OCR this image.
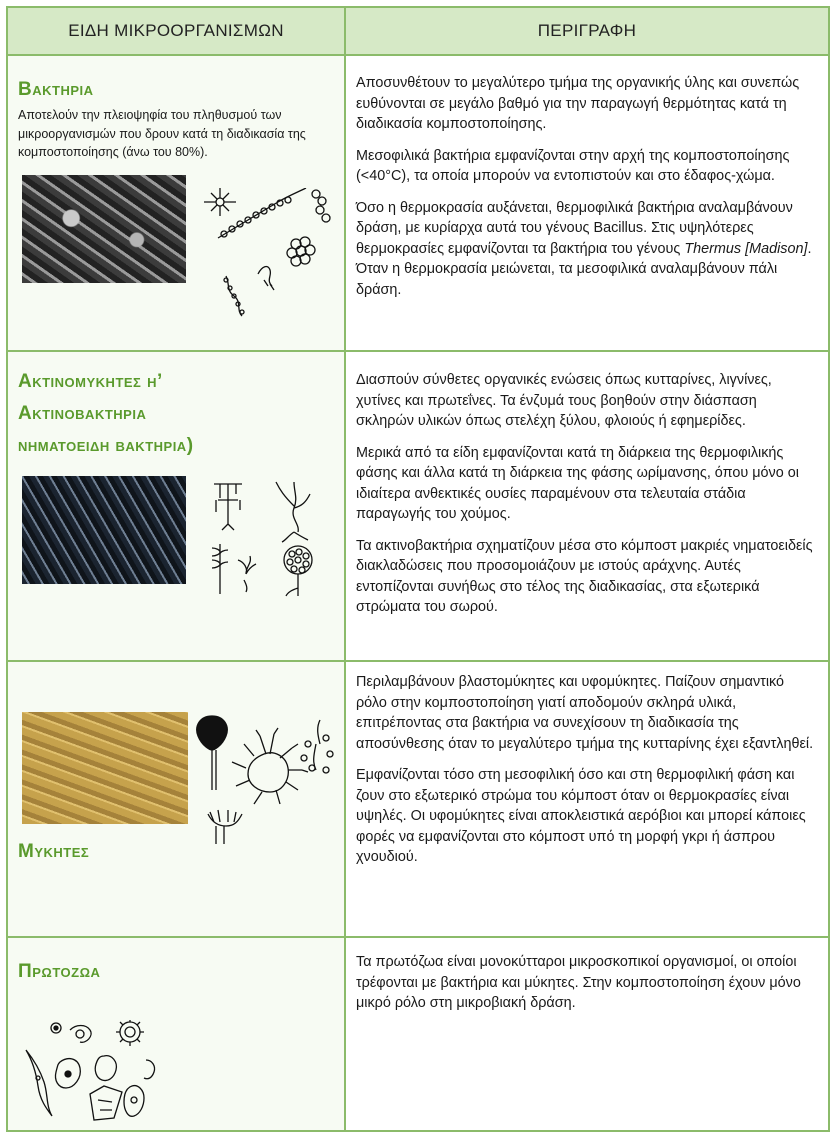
ΕΙΔΗ ΜΙΚΡΟΟΡΓΑΝΙΣΜΩΝ	ΠΕΡΙΓΡΑΦΗ
Βακτηρια
Αποτελούν την πλειοψηφία του πληθυσμού των μικροοργανισμών που δρουν κατά τη διαδικασία της κομποστοποίησης (άνω του 80%).

Αποσυνθέτουν το μεγαλύτερο τμήμα της οργανικής ύλης και συνεπώς ευθύνονται σε μεγάλο βαθμό για την παραγωγή θερμότητας κατά τη διαδικασία κομποστοποίησης.

Μεσοφιλικά βακτήρια εμφανίζονται στην αρχή της κομποστοποίησης (<40°C), τα οποία μπορούν να εντοπιστούν και στο έδαφος-χώμα.

Όσο η θερμοκρασία αυξάνεται, θερμοφιλικά βακτήρια αναλαμβάνουν δράση, με κυρίαρχα αυτά του γένους Bacillus. Στις υψηλότερες θερμοκρασίες εμφανίζονται τα βακτήρια του γένους Thermus [Madison]. Όταν η θερμοκρασία μειώνεται, τα μεσοφιλικά αναλαμβάνουν πάλι δράση.

Ακτινομυκητες η’
Ακτινοβακτηρια
νηματοειδη βακτηρια)

Διασπούν σύνθετες οργανικές ενώσεις όπως κυτταρίνες, λιγνίνες, χυτίνες και πρωτεΐνες. Τα ένζυμά τους βοηθούν στην διάσπαση σκληρών υλικών όπως στελέχη ξύλου, φλοιούς ή εφημερίδες.

Μερικά από τα είδη εμφανίζονται κατά τη διάρκεια της θερμοφιλικής φάσης και άλλα κατά τη διάρκεια της φάσης ωρίμανσης, όπου μόνο οι ιδιαίτερα ανθεκτικές ουσίες παραμένουν στα τελευταία στάδια παραγωγής του χούμος.

Τα ακτινοβακτήρια σχηματίζουν μέσα στο κόμποστ μακριές νηματοειδείς διακλαδώσεις που προσομοιάζουν με ιστούς αράχνης. Αυτές εντοπίζονται συνήθως στο τέλος της διαδικασίας, στα εξωτερικά στρώματα του σωρού.

Μυκητες

Περιλαμβάνουν βλαστομύκητες και υφομύκητες. Παίζουν σημαντικό ρόλο στην κομποστοποίηση γιατί αποδομούν σκληρά υλικά, επιτρέποντας στα βακτήρια να συνεχίσουν τη διαδικασία της αποσύνθεσης όταν το μεγαλύτερο τμήμα της κυτταρίνης έχει εξαντληθεί.

Εμφανίζονται τόσο στη μεσοφιλική όσο και στη θερμοφιλική φάση και ζουν στο εξωτερικό στρώμα του κόμποστ όταν οι θερμοκρασίες είναι υψηλές. Οι υφομύκητες είναι αποκλειστικά αερόβιοι και μπορεί κάποιες φορές να εμφανίζονται στο κόμποστ υπό τη μορφή γκρι ή άσπρου χνουδιού.

Πρωτοζωα	Τα πρωτόζωα είναι μονοκύτταροι μικροσκοπικοί οργανισμοί, οι οποίοι τρέφονται με βακτήρια και μύκητες. Στην κομποστοποίηση έχουν μόνο μικρό ρόλο στη μικροβιακή δράση.
